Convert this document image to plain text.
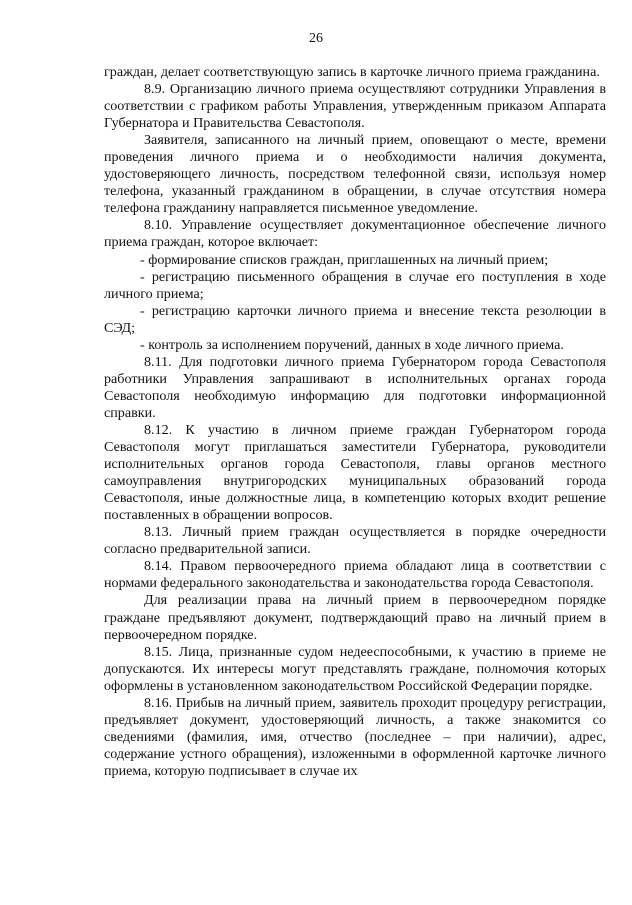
26

граждан, делает соответствующую запись в карточке личного приема гражданина.

8.9. Организацию личного приема осуществляют сотрудники Управления в соответствии с графиком работы Управления, утвержденным приказом Аппарата Губернатора и Правительства Севастополя.

Заявителя, записанного на личный прием, оповещают о месте, времени проведения личного приема и о необходимости наличия документа, удостоверяющего личность, посредством телефонной связи, используя номер телефона, указанный гражданином в обращении, в случае отсутствия номера телефона гражданину направляется письменное уведомление.

8.10. Управление осуществляет документационное обеспечение личного приема граждан, которое включает:

- формирование списков граждан, приглашенных на личный прием;

- регистрацию письменного обращения в случае его поступления в ходе личного приема;

- регистрацию карточки личного приема и внесение текста резолюции в СЭД;

- контроль за исполнением поручений, данных в ходе личного приема.

8.11. Для подготовки личного приема Губернатором города Севастополя работники Управления запрашивают в исполнительных органах города Севастополя необходимую информацию для подготовки информационной справки.

8.12. К участию в личном приеме граждан Губернатором города Севастополя могут приглашаться заместители Губернатора, руководители исполнительных органов города Севастополя, главы органов местного самоуправления внутригородских муниципальных образований города Севастополя, иные должностные лица, в компетенцию которых входит решение поставленных в обращении вопросов.

8.13. Личный прием граждан осуществляется в порядке очередности согласно предварительной записи.

8.14. Правом первоочередного приема обладают лица в соответствии с нормами федерального законодательства и законодательства города Севастополя.

Для реализации права на личный прием в первоочередном порядке граждане предъявляют документ, подтверждающий право на личный прием в первоочередном порядке.

8.15. Лица, признанные судом недееспособными, к участию в приеме не допускаются. Их интересы могут представлять граждане, полномочия которых оформлены в установленном законодательством Российской Федерации порядке.

8.16. Прибыв на личный прием, заявитель проходит процедуру регистрации, предъявляет документ, удостоверяющий личность, а также знакомится со сведениями (фамилия, имя, отчество (последнее – при наличии), адрес, содержание устного обращения), изложенными в оформленной карточке личного приема, которую подписывает в случае их
